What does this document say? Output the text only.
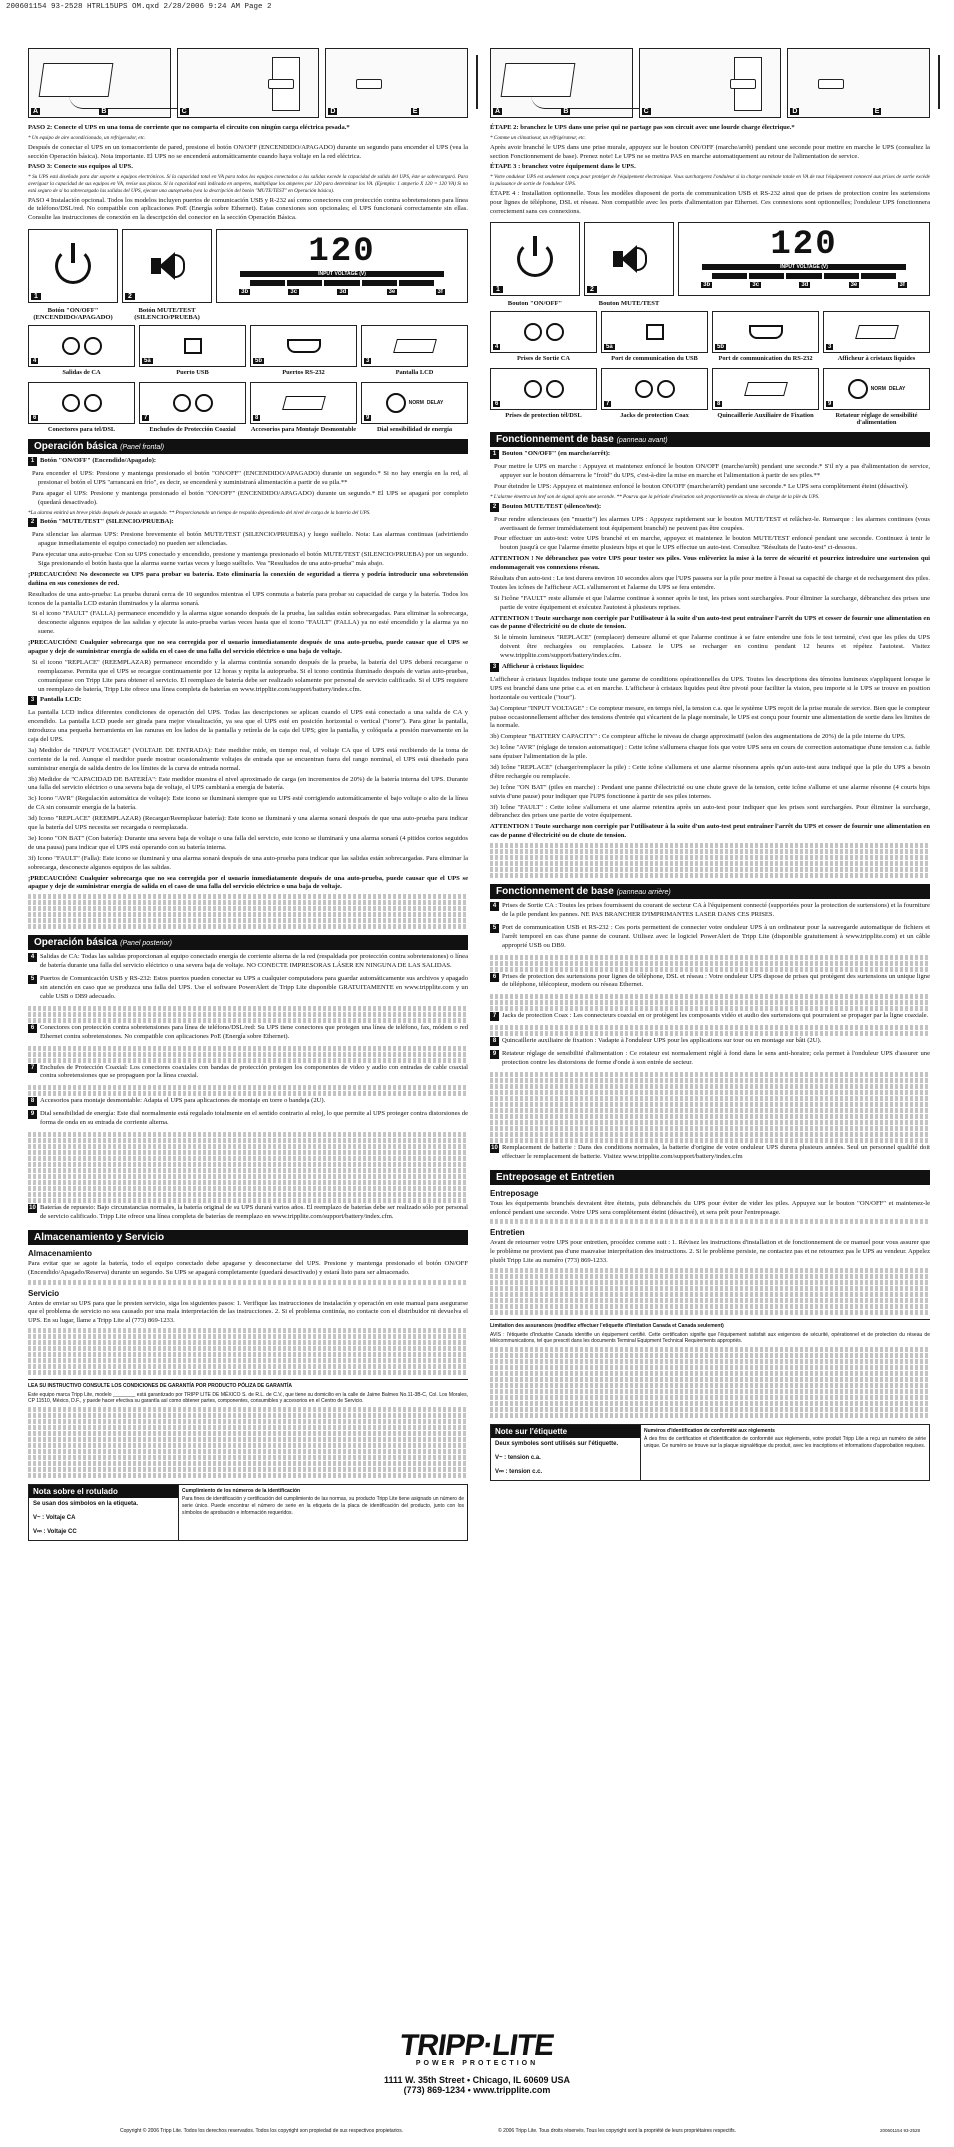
200601154 93-2528 HTRL15UPS OM.qxd 2/28/2006 9:24 AM Page 2
A	B	C	D	E

PASO 2: Conecte el UPS en una toma de corriente que no comparta el circuito con ningún carga eléctrica pesada.*

* Un equipo de aire acondicionado, un refrigerador, etc.

Después de conectar el UPS en un tomacorriente de pared, presione el botón ON/OFF (ENCENDIDO/APAGADO) durante un segundo para encender el UPS (vea la sección Operación básica). Nota importante. El UPS no se encenderá automáticamente cuando haya voltaje en la red eléctrica.

PASO 3: Conecte sus equipos al UPS.

* Su UPS está diseñado para dar soporte a equipos electrónicos. Si la capacidad total en VA para todos los equipos conectados a las salidas excede la capacidad de salida del UPS, éste se sobrecargará. Para averiguar la capacidad de sus equipos en VA, revise sus placas. Si la capacidad está indicada en amperes, multiplique los amperes por 120 para determinar los VA. (Ejemplo: 1 amperio X 120 = 120 VA) Si no está seguro de si ha sobrecargado las salidas del UPS, ejecute una autoprueba (vea la descripción del botón "MUTE/TEST" en Operación básica).

PASO 4 Instalación opcional. Todos los modelos incluyen puertos de comunicación USB y R-232 así como conectores con protección contra sobretensiones para línea de teléfono/DSL/red. No compatible con aplicaciones PoE (Energía sobre Ethernet). Estas conexiones son opcionales; el UPS funcionará correctamente sin ellas. Consulte las instrucciones de conexión en la descripción del conector en la sección Operación Básica.

1	2
120
INPUT VOLTAGE (V)
3b	3c	3d	3e	3f
Botón "ON/OFF" (ENCENDIDO/APAGADO)
Botón MUTE/TEST (SILENCIO/PRUEBA)
4	5a	5b	3
Salidas de CA	Puerto USB	Puertos RS-232	Pantalla LCD
6	7	8
NORM DELAY
9
Conectores para tel/DSL	Enchufes de Protección Coaxial	Accesorios para Montaje Desmontable	Dial sensibilidad de energía
Operación básica (Panel frontal)
1 Botón "ON/OFF" (Encendido/Apagado):

Para encender el UPS: Presione y mantenga presionado el botón "ON/OFF" (ENCENDIDO/APAGADO) durante un segundo.* Si no hay energía en la red, al presionar el botón el UPS "arrancará en frío", es decir, se encenderá y suministrará alimentación a partir de su pila.**

Para apagar el UPS: Presione y mantenga presionado el botón "ON/OFF" (ENCENDIDO/APAGADO) durante un segundo.* El UPS se apagará por completo (quedará desactivado).

*La alarma emitirá un breve pitido después de pasado un segundo. ** Proporcionando un tiempo de respaldo dependiendo del nivel de carga de la batería del UPS.

2 Botón "MUTE/TEST" (SILENCIO/PRUEBA):

Para silenciar las alarmas UPS: Presione brevemente el botón MUTE/TEST (SILENCIO/PRUEBA) y luego suéltelo. Nota: Las alarmas continuas (advirtiendo apague inmediatamente el equipo conectado) no pueden ser silenciadas.

Para ejecutar una auto-prueba: Con su UPS conectado y encendido, presione y mantenga presionado el botón MUTE/TEST (SILENCIO/PRUEBA) por un segundo. Siga presionando el botón hasta que la alarma suene varias veces y luego suéltelo. Vea "Resultados de una auto-prueba" más abajo.

¡PRECAUCIÓN! No desconecte su UPS para probar su batería. Esto eliminaría la conexión de seguridad a tierra y podría introducir una sobretensión dañina en sus conexiones de red.

Resultados de una auto-prueba: La prueba durará cerca de 10 segundos mientras el UPS conmuta a batería para probar su capacidad de carga y la batería. Todos los iconos de la pantalla LCD estarán iluminados y la alarma sonará.

Si el icono "FAULT" (FALLA) permanece encendido y la alarma sigue sonando después de la prueba, las salidas están sobrecargadas. Para eliminar la sobrecarga, desconecte algunos equipos de las salidas y ejecute la auto-prueba varias veces hasta que el icono "FAULT" (FALLA) ya no esté encendido y la alarma ya no suene.

¡PRECAUCIÓN! Cualquier sobrecarga que no sea corregida por el usuario inmediatamente después de una auto-prueba, puede causar que el UPS se apague y deje de suministrar energía de salida en el caso de una falla del servicio eléctrico o una baja de voltaje.

Si el icono "REPLACE" (REEMPLAZAR) permanece encendido y la alarma continúa sonando después de la prueba, la batería del UPS deberá recargarse o reemplazarse. Permita que el UPS se recargue continuamente por 12 horas y repita la autoprueba. Si el icono continúa iluminado después de varias auto-pruebas, comuníquese con Tripp Lite para obtener el servicio. El reemplazo de batería debe ser realizado solamente por personal de servicio calificado. Si el UPS requiere un reemplazo de batería, Tripp Lite ofrece una línea completa de baterías en www.tripplite.com/support/battery/index.cfm.

3 Pantalla LCD:

La pantalla LCD indica diferentes condiciones de operación del UPS. Todas las descripciones se aplican cuando el UPS está conectado a una salida de CA y encendido. La pantalla LCD puede ser girada para mejor visualización, ya sea que el UPS esté en posición horizontal o vertical ("torre"). Para girar la pantalla, introduzca una pequeña herramienta en las ranuras en los lados de la pantalla y retírela de la caja del UPS; gire la pantalla, y colóquela a presión nuevamente en la caja del UPS.

3a) Medidor de "INPUT VOLTAGE" (VOLTAJE DE ENTRADA): Este medidor mide, en tiempo real, el voltaje CA que el UPS está recibiendo de la toma de corriente de la red. Aunque el medidor puede mostrar ocasionalmente voltajes de entrada que se encuentran fuera del rango nominal, el UPS está diseñado para suministrar energía de salida dentro de los límites de la curva de entrada normal.

3b) Medidor de "CAPACIDAD DE BATERÍA": Este medidor muestra el nivel aproximado de carga (en incrementos de 20%) de la batería interna del UPS. Durante una falla del servicio eléctrico o una severa baja de voltaje, el UPS cambiará a energía de batería.

3c) Icono "AVR" (Regulación automática de voltaje): Este icono se iluminará siempre que su UPS esté corrigiendo automáticamente el bajo voltaje o alto de la línea de CA sin consumir energía de la batería.

3d) Icono "REPLACE" (REEMPLAZAR) (Recargar/Reemplazar batería): Este icono se iluminará y una alarma sonará después de que una auto-prueba para indicar que la batería del UPS necesita ser recargada o reemplazada.

3e) Icono "ON BAT" (Con batería): Durante una severa baja de voltaje o una falla del servicio, este icono se iluminará y una alarma sonará (4 pitidos cortos seguidos de una pausa) para indicar que el UPS está operando con su batería interna.

3f) Icono "FAULT" (Falla): Este icono se iluminará y una alarma sonará después de una auto-prueba para indicar que las salidas están sobrecargadas. Para eliminar la sobrecarga, desconecte algunos equipos de las salidas.

¡PRECAUCIÓN! Cualquier sobrecarga que no sea corregida por el usuario inmediatamente después de una auto-prueba, puede causar que el UPS se apague y deje de suministrar energía de salida en el caso de una falla del servicio eléctrico o una baja de voltaje.

Operación básica (Panel posterior)
4 Salidas de CA: Todas las salidas proporcionan al equipo conectado energía de corriente alterna de la red (respaldada por protección contra sobretensiones) o línea de batería durante una falla del servicio eléctrico o una severa baja de voltaje. NO CONECTE IMPRESORAS LÁSER EN NINGUNA DE LAS SALIDAS.

5 Puertos de Comunicación USB y RS-232: Estos puertos pueden conectar su UPS a cualquier computadora para guardar automáticamente sus archivos y apagado sin atención en caso que se produzca una falla del UPS. Use el software PowerAlert de Tripp Lite disponible GRATUITAMENTE en www.tripplite.com y un cable USB o DB9 adecuado.

6 Conectores con protección contra sobretensiones para línea de teléfono/DSL/red: Su UPS tiene conectores que protegen una línea de teléfono, fax, módem o red Ethernet contra sobretensiones. No compatible con aplicaciones PoE (Energía sobre Ethernet).

7 Enchufes de Protección Coaxial: Los conectores coaxiales con bandas de protección protegen los componentes de video y audio con entradas de cable coaxial contra sobretensiones que se propaguen por la línea coaxial.

8 Accesorios para montaje desmontable: Adapta el UPS para aplicaciones de montaje en torre o bandeja (2U).

9 Dial sensibilidad de energía: Este dial normalmente está regulado totalmente en el sentido contrario al reloj, lo que permite al UPS proteger contra distorsiones de forma de onda en su entrada de corriente alterna.

10 Baterías de repuesto: Bajo circunstancias normales, la batería original de su UPS durará varios años. El reemplazo de baterías debe ser realizado sólo por personal de servicio calificado. Tripp Lite ofrece una línea completa de baterías de reemplazo en www.tripplite.com/support/battery/index.cfm.

Almacenamiento y Servicio
Almacenamiento

Para evitar que se agote la batería, todo el equipo conectado debe apagarse y desconectarse del UPS. Presione y mantenga presionado el botón ON/OFF (Encendido/Apagado/Reserva) durante un segundo. Su UPS se apagará completamente (quedará desactivado) y estará listo para ser almacenado.

Servicio

Antes de enviar su UPS para que le presten servicio, siga los siguientes pasos: 1. Verifique las instrucciones de instalación y operación en este manual para asegurarse que el problema de servicio no sea causado por una mala interpretación de las instrucciones. 2. Si el problema continúa, no contacte con el distribuidor ni devuelva el UPS. En su lugar, llame a Tripp Lite al (773) 869-1233.

LEA SU INSTRUCTIVO CONSULTE LOS CONDICIONES DE GARANTÍA POR PRODUCTO PÓLIZA DE GARANTÍA

Este equipo marca Tripp Lite, modelo ________ está garantizado por TRIPP LITE DE MÉXICO S. de R.L. de C.V., que tiene su domicilio en la calle de Jaime Balmes No.11-3B-C, Col. Los Morales, CP 11510, México, D.F., y puede hacer efectiva su garantía así como obtener partes, componentes, consumibles y accesorios en el Centro de Servicio.

Nota sobre el rotulado

Se usan dos símbolos en la etiqueta.

V~ : Voltaje CA

V⎓ : Voltaje CC

Cumplimiento de los números de la identificación

Para fines de identificación y certificación del cumplimiento de las normas, su producto Tripp Lite tiene asignado un número de serie único. Puede encontrar el número de serie en la etiqueta de la placa de identificación del producto, junto con los símbolos de aprobación e información requeridos.

A	B	C	D	E

ÉTAPE 2: branchez le UPS dans une prise qui ne partage pas son circuit avec une lourde charge électrique.*

* Comme un climatiseur, un réfrigérateur, etc.

Après avoir branché le UPS dans une prise murale, appuyez sur le bouton ON/OFF (marche/arrêt) pendant une seconde pour mettre en marche le UPS (consultez la section Fonctionnement de base). Prenez note! Le UPS ne se mettra PAS en marche automatiquement au retour de l'alimentation de service.

ÉTAPE 3 : branchez votre équipement dans le UPS.

* Votre onduleur UPS est seulement conçu pour protéger de l'équipement électronique. Vous surchargerez l'onduleur si la charge nominale totale en VA de tout l'équipement connecté aux prises de sortie excède la puissance de sortie de l'onduleur UPS.

ÉTAPE 4 : Installation optionnelle. Tous les modèles disposent de ports de communication USB et RS-232 ainsi que de prises de protection contre les surtensions pour lignes de téléphone, DSL et réseau. Non compatible avec les ports d'alimentation par Ethernet. Ces connexions sont optionnelles; l'onduleur UPS fonctionnera correctement sans ces connexions.

1	2
120
INPUT VOLTAGE (V)
3b	3c	3d	3e	3f
Bouton "ON/OFF"	Bouton MUTE/TEST
4	5a	5b	3
Prises de Sortie CA	Port de communication du USB	Port de communication du RS-232	Afficheur à cristaux liquides
6	7	8
NORM DELAY
9
Prises de protection tél/DSL	Jacks de protection Coax	Quincaillerie Auxiliaire de Fixation	Retateur réglage de sensibilité d'alimentation
Fonctionnement de base (panneau avant)
1 Bouton "ON/OFF" (en marche/arrêt):

Pour mettre le UPS en marche : Appuyez et maintenez enfoncé le bouton ON/OFF (marche/arrêt) pendant une seconde.* S'il n'y a pas d'alimentation de service, appuyer sur le bouton démarrera le "froid" du UPS, c'est-à-dire la mise en marche et l'alimentation à partir de ses piles.**

Pour éteindre le UPS: Appuyez et maintenez enfoncé le bouton ON/OFF (marche/arrêt) pendant une seconde.* Le UPS sera complètement éteint (désactivé).

* L'alarme émettra un bref son de signal après une seconde. ** Pourvu que la période d'exécution soit proportionnelle au niveau de charge de la pile du UPS.

2 Bouton MUTE/TEST (silence/test):

Pour rendre silencieuses (en "muette") les alarmes UPS : Appuyez rapidement sur le bouton MUTE/TEST et relâchez-le. Remarque : les alarmes continues (vous avertissant de fermer immédiatement tout équipement branché) ne peuvent pas être coupées.

Pour effectuer un auto-test: votre UPS branché et en marche, appuyez et maintenez le bouton MUTE/TEST enfoncé pendant une seconde. Continuez à tenir le bouton jusqu'à ce que l'alarme émette plusieurs bips et que le UPS effectue un auto-test. Consultez "Résultats de l'auto-test" ci-dessous.

ATTENTION ! Ne débranchez pas votre UPS pour tester ses piles. Vous enlèveriez la mise à la terre de sécurité et pourriez introduire une surtension qui endommagerait vos connexions réseau.

Résultats d'un auto-test : Le test durera environ 10 secondes alors que l'UPS passera sur la pile pour mettre à l'essai sa capacité de charge et de rechargement des piles. Toutes les icônes de l'afficheur ACL s'allumeront et l'alarme du UPS se fera entendre.

Si l'icône "FAULT" reste allumée et que l'alarme continue à sonner après le test, les prises sont surchargées. Pour éliminer la surcharge, débranchez des prises une partie de votre équipement et exécutez l'autotest à plusieurs reprises.

ATTENTION ! Toute surcharge non corrigée par l'utilisateur à la suite d'un auto-test peut entraîner l'arrêt du UPS et cesser de fournir une alimentation en cas de panne d'électricité ou de chute de tension.

Si le témoin lumineux "REPLACE" (remplacer) demeure allumé et que l'alarme continue à se faire entendre une fois le test terminé, c'est que les piles du UPS doivent être rechargées ou remplacées. Laissez le UPS se recharger en continu pendant 12 heures et répétez l'autotest. Visitez www.tripplite.com/support/battery/index.cfm.

3 Afficheur à cristaux liquides:

L'afficheur à cristaux liquides indique toute une gamme de conditions opérationnelles du UPS. Toutes les descriptions des témoins lumineux s'appliquent lorsque le UPS est branché dans une prise c.a. et en marche. L'afficheur à cristaux liquides peut être pivoté pour faciliter la vision, peu importe si le UPS se trouve en position horizontale ou verticale ("tour").

3a) Compteur "INPUT VOLTAGE" : Ce compteur mesure, en temps réel, la tension c.a. que le système UPS reçoit de la prise murale de service. Bien que le compteur puisse occasionnellement afficher des tensions d'entrée qui s'écartent de la plage nominale, le UPS est conçu pour fournir une alimentation de sortie dans les limites de la normale.

3b) Compteur "BATTERY CAPACITY" : Ce compteur affiche le niveau de charge approximatif (selon des augmentations de 20%) de la pile interne du UPS.

3c) Icône "AVR" (réglage de tension automatique) : Cette icône s'allumera chaque fois que votre UPS sera en cours de correction automatique d'une tension c.a. faible sans épuiser l'alimentation de la pile.

3d) Icône "REPLACE" (charger/remplacer la pile) : Cette icône s'allumera et une alarme résonnera après qu'un auto-test aura indiqué que la pile du UPS a besoin d'être rechargée ou remplacée.

3e) Icône "ON BAT" (piles en marche) : Pendant une panne d'électricité ou une chute grave de la tension, cette icône s'allume et une alarme résonne (4 courts bips suivis d'une pause) pour indiquer que l'UPS fonctionne à partir de ses piles internes.

3f) Icône "FAULT" : Cette icône s'allumera et une alarme retentira après un auto-test pour indiquer que les prises sont surchargées. Pour éliminer la surcharge, débranchez des prises une partie de votre équipement.

ATTENTION ! Toute surcharge non corrigée par l'utilisateur à la suite d'un auto-test peut entraîner l'arrêt du UPS et cesser de fournir une alimentation en cas de panne d'électricité ou de chute de tension.

Fonctionnement de base (panneau arrière)
4 Prises de Sortie CA : Toutes les prises fournissent du courant de secteur CA à l'équipement connecté (supportées pour la protection de surtensions) et la fourniture de la pile pendant les pannes. NE PAS BRANCHER D'IMPRIMANTES LASER DANS CES PRISES.

5 Port de communication USB et RS-232 : Ces ports permettent de connecter votre onduleur UPS à un ordinateur pour la sauvegarde automatique de fichiers et l'arrêt temporel en cas d'une panne de courant. Utilisez avec le logiciel PowerAlert de Tripp Lite (disponible gratuitement à www.tripplite.com) et un câble approprié USB ou DB9.

6 Prises de protection des surtensions pour lignes de téléphone, DSL et réseau : Votre onduleur UPS dispose de prises qui protègent des surtensions un unique ligne de téléphone, télécopieur, modem ou réseau Ethernet.

7 Jacks de protection Coax : Les connecteurs coaxial en or protègent les composants vidéo et audio des surtensions qui pourraient se propager par la ligne coaxiale.

8 Quincaillerie auxiliaire de fixation : Vadapte à l'onduleur UPS pour les applications sur tour ou en montage sur bâti (2U).

9 Retateur réglage de sensibilité d'alimentation : Ce rotateur est normalement réglé à fond dans le sens anti-horaire; cela permet à l'onduleur UPS d'assurer une protection contre les distorsions de forme d'onde à son entrée de secteur.

10 Remplacement de batterie : Dans des conditions normales, la batterie d'origine de votre onduleur UPS durera plusieurs années. Seul un personnel qualifié doit effectuer le remplacement de batterie. Visitez www.tripplite.com/support/battery/index.cfm

Entreposage et Entretien
Entreposage

Tous les équipements branchés devraient être éteints, puis débranchés du UPS pour éviter de vider les piles. Appuyez sur le bouton "ON/OFF" et maintenez-le enfoncé pendant une seconde. Votre UPS sera complètement éteint (désactivé), et sera prêt pour l'entreposage.

Entretien

Avant de retourner votre UPS pour entretien, procédez comme suit : 1. Révisez les instructions d'installation et de fonctionnement de ce manuel pour vous assurer que le problème ne provient pas d'une mauvaise interprétation des instructions. 2. Si le problème persiste, ne contactez pas et ne retournez pas le UPS au vendeur. Appelez plutôt Tripp Lite au numéro (773) 869-1233.

Limitation des assurances (modifiez effectuer l'etiquette d'limitation Canada et Canada seulement)

AVIS : l'étiquette d'Industrie Canada identifie un équipement certifié. Cette certification signifie que l'équipement satisfait aux exigences de sécurité, opérationnel et de protection du réseau de télécommunications, tel que prescrit dans les documents Terminal Equipment Technical Requirements appropriés.

Note sur l'étiquette

Deux symboles sont utilisés sur l'étiquette.

V~ : tension c.a.

V⎓ : tension c.c.

Numéros d'identification de conformité aux règlements

À des fins de certification et d'identification de conformité aux règlements, votre produit Tripp Lite a reçu un numéro de série unique. Ce numéro se trouve sur la plaque signalétique du produit, avec les inscriptions et informations d'approbation requises.

TRIPP·LITE
POWER PROTECTION
1111 W. 35th Street • Chicago, IL 60609 USA
(773) 869-1234 • www.tripplite.com
Copyright © 2006 Tripp Lite. Todos los derechos reservados. Todos los copyright son propiedad de sus respectivos propietarios.	© 2006 Tripp Lite. Tous droits réservés. Tous les copyright sont la propriété de leurs propriétaires respectifs.	200601154 93-2528
